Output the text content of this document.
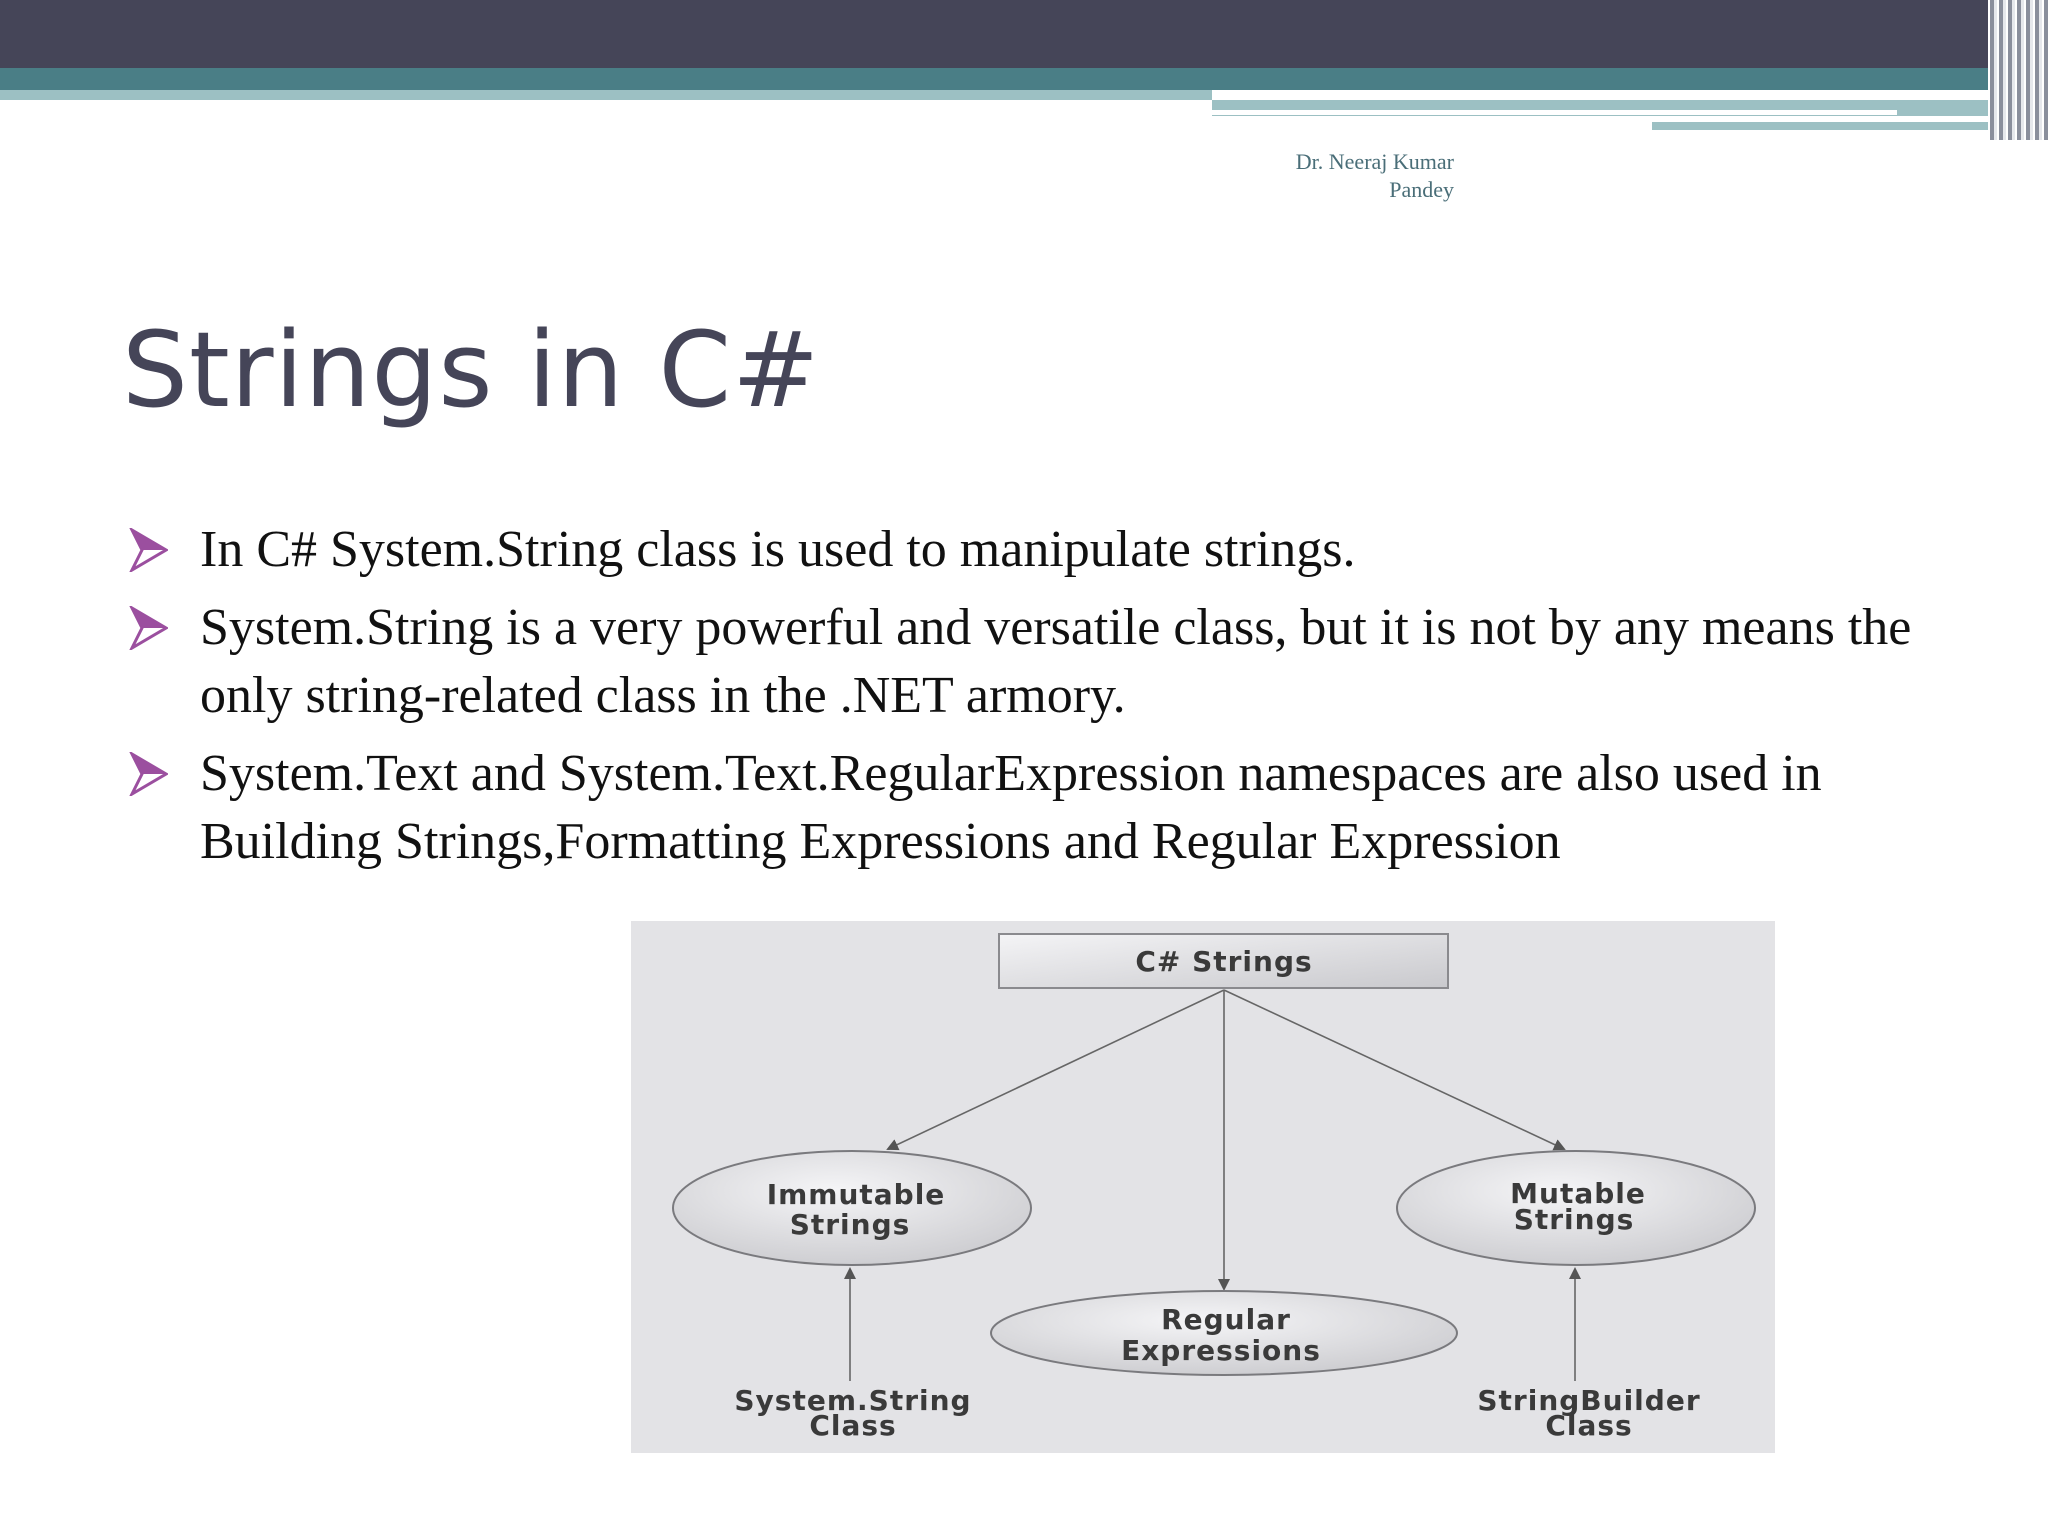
Dr. Neeraj Kumar
Pandey
Strings in C#
In C# System.String class is used to manipulate strings.
System.String is a very powerful and versatile class, but it is not by any means the only string-related class in the .NET armory.
System.Text and System.Text.RegularExpression namespaces are also used in Building Strings,Formatting Expressions and Regular Expression
C# Strings
Immutable
Strings
Mutable
Strings
Regular
Expressions
System.String
Class
StringBuilder
Class
